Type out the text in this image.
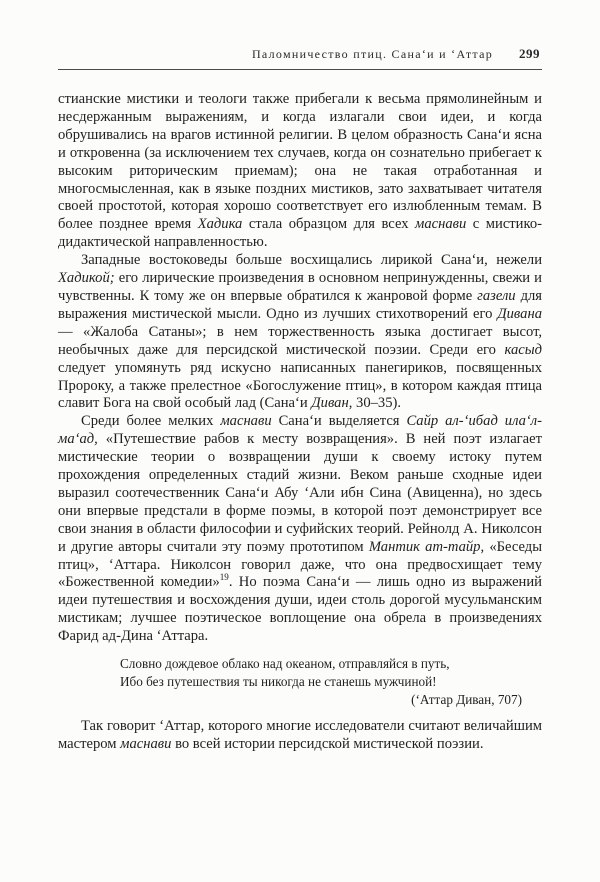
Паломничество птиц. Сана‘и и ‘Аттар 299

стианские мистики и теологи также прибегали к весьма прямолинейным и несдержанным выражениям, и когда излагали свои идеи, и когда обрушивались на врагов истинной религии. В целом образность Сана‘и ясна и откровенна (за исключением тех случаев, когда он сознательно прибегает к высоким риторическим приемам); она не такая отработанная и многосмысленная, как в языке поздних мистиков, зато захватывает читателя своей простотой, которая хорошо соответствует его излюбленным темам. В более позднее время Хадика стала образцом для всех маснави с мистико-дидактической направленностью.

Западные востоковеды больше восхищались лирикой Сана‘и, нежели Хадикой; его лирические произведения в основном непринужденны, свежи и чувственны. К тому же он впервые обратился к жанровой форме газели для выражения мистической мысли. Одно из лучших стихотворений его Дивана — «Жалоба Сатаны»; в нем торжественность языка достигает высот, необычных даже для персидской мистической поэзии. Среди его касыд следует упомянуть ряд искусно написанных панегириков, посвященных Пророку, а также прелестное «Богослужение птиц», в котором каждая птица славит Бога на свой особый лад (Сана‘и Диван, 30–35).

Среди более мелких маснави Сана‘и выделяется Сайр ал-‘ибад ила‘л-ма‘ад, «Путешествие рабов к месту возвращения». В ней поэт излагает мистические теории о возвращении души к своему истоку путем прохождения определенных стадий жизни. Веком раньше сходные идеи выразил соотечественник Сана‘и Абу ‘Али ибн Сина (Авиценна), но здесь они впервые предстали в форме поэмы, в которой поэт демонстрирует все свои знания в области философии и суфийских теорий. Рейнолд А. Николсон и другие авторы считали эту поэму прототипом Мантик ат-тайр, «Беседы птиц», ‘Аттара. Николсон говорил даже, что она предвосхищает тему «Божественной комедии»$^{19}$. Но поэма Сана‘и — лишь одно из выражений идеи путешествия и восхождения души, идеи столь дорогой мусульманским мистикам; лучшее поэтическое воплощение она обрела в произведениях Фарид ад-Дина ‘Аттара.

Словно дождевое облако над океаном, отправляйся в путь,
Ибо без путешествия ты никогда не станешь мужчиной!
(‘Аттар Диван, 707)

Так говорит ‘Аттар, которого многие исследователи считают величайшим мастером маснави во всей истории персидской мистической поэзии.
